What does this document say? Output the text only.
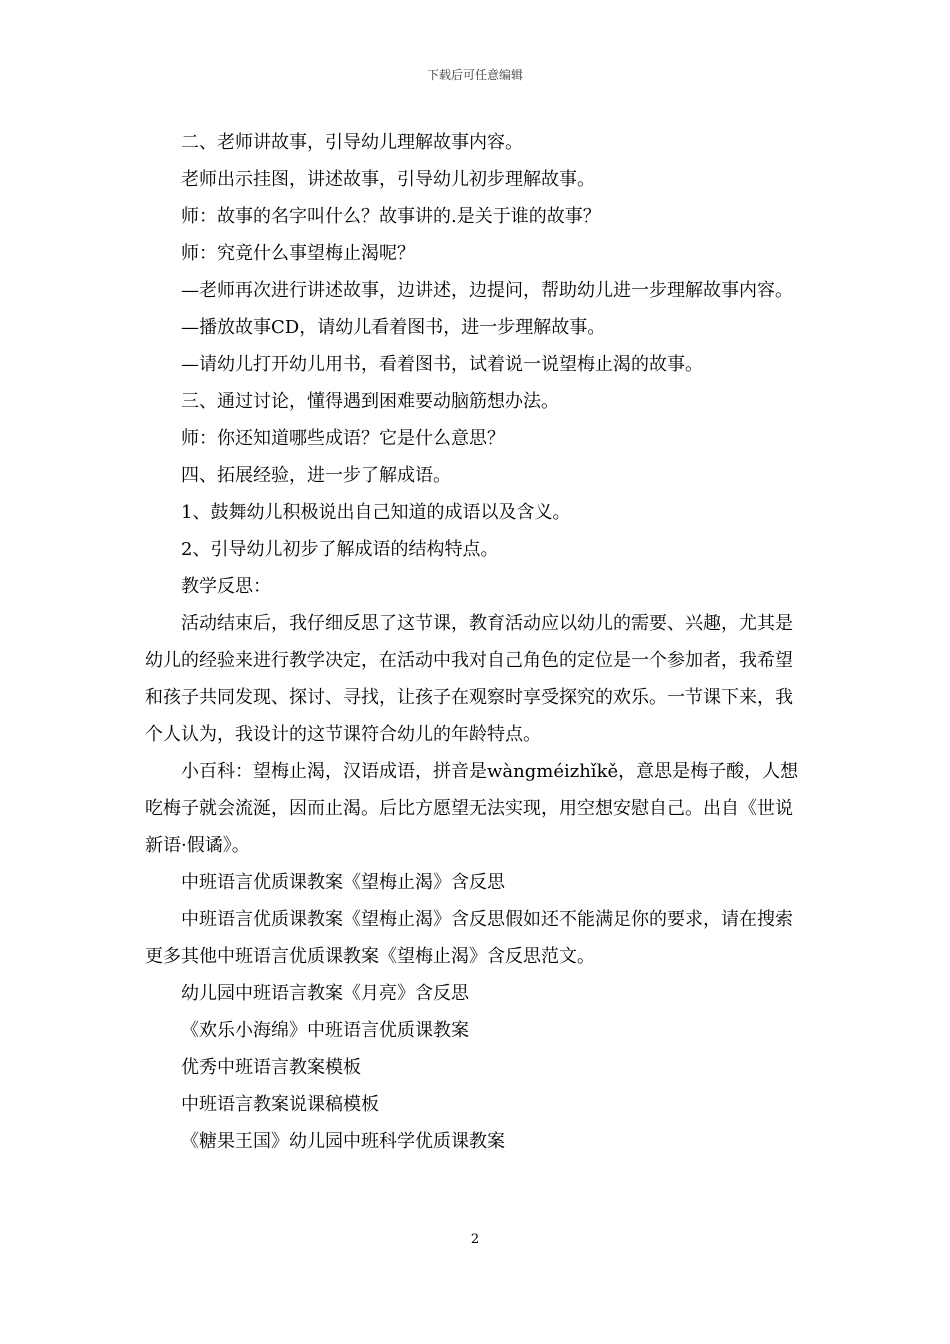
下载后可任意编辑

二、老师讲故事，引导幼儿理解故事内容。

老师出示挂图，讲述故事，引导幼儿初步理解故事。

师：故事的名字叫什么？故事讲的.是关于谁的故事？

师：究竟什么事望梅止渴呢？

—老师再次进行讲述故事，边讲述，边提问，帮助幼儿进一步理解故事内容。

—播放故事CD，请幼儿看着图书，进一步理解故事。

—请幼儿打开幼儿用书，看着图书，试着说一说望梅止渴的故事。

三、通过讨论，懂得遇到困难要动脑筋想办法。

师：你还知道哪些成语？它是什么意思？

四、拓展经验，进一步了解成语。

1、鼓舞幼儿积极说出自己知道的成语以及含义。

2、引导幼儿初步了解成语的结构特点。

教学反思：

活动结束后，我仔细反思了这节课，教育活动应以幼儿的需要、兴趣，尤其是幼儿的经验来进行教学决定，在活动中我对自己角色的定位是一个参加者，我希望和孩子共同发现、探讨、寻找，让孩子在观察时享受探究的欢乐。一节课下来，我个人认为，我设计的这节课符合幼儿的年龄特点。

小百科：望梅止渴，汉语成语，拼音是wàngméizhǐkě，意思是梅子酸，人想吃梅子就会流涎，因而止渴。后比方愿望无法实现，用空想安慰自己。出自《世说新语·假谲》。

中班语言优质课教案《望梅止渴》含反思

中班语言优质课教案《望梅止渴》含反思假如还不能满足你的要求，请在搜索更多其他中班语言优质课教案《望梅止渴》含反思范文。

幼儿园中班语言教案《月亮》含反思

《欢乐小海绵》中班语言优质课教案

优秀中班语言教案模板

中班语言教案说课稿模板

《糖果王国》幼儿园中班科学优质课教案

2
